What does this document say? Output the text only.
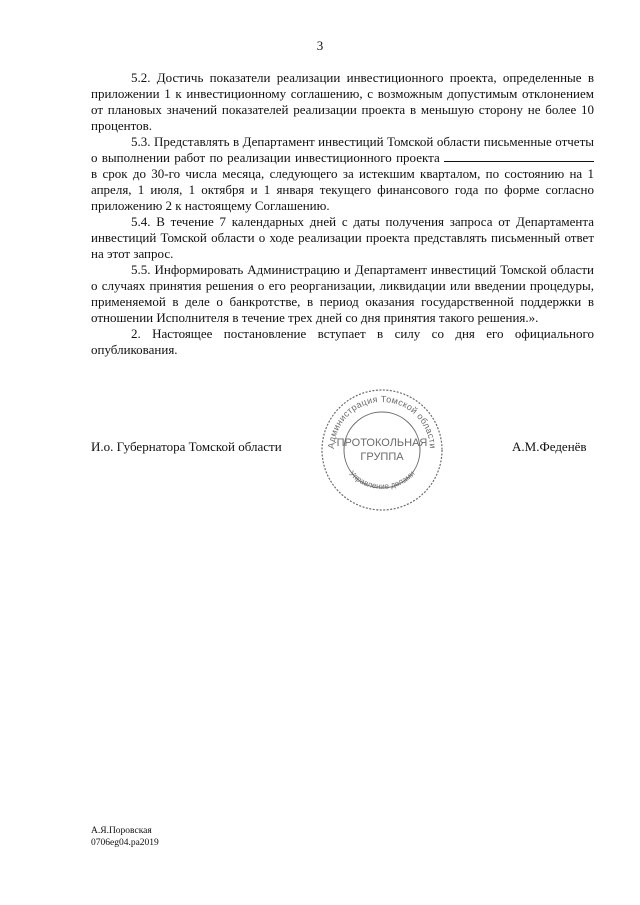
3

5.2. Достичь показатели реализации инвестиционного проекта, определенные в приложении 1 к инвестиционному соглашению, с возможным допустимым отклонением от плановых значений показателей реализации проекта в меньшую сторону не более 10 процентов.

5.3. Представлять в Департамент инвестиций Томской области письменные отчеты о выполнении работ по реализации инвестиционного проекта  в срок до 30-го числа месяца, следующего за истекшим кварталом, по состоянию на 1 апреля, 1 июля, 1 октября и 1 января текущего финансового года по форме согласно приложению 2 к настоящему Соглашению.

5.4. В течение 7 календарных дней с даты получения запроса от Департамента инвестиций Томской области о ходе реализации проекта представлять письменный ответ на этот запрос.

5.5. Информировать Администрацию и Департамент инвестиций Томской области о случаях принятия решения о его реорганизации, ликвидации или введении процедуры, применяемой в деле о банкротстве, в период оказания государственной поддержки в отношении Исполнителя в течение трех дней со дня принятия такого решения.».

2. Настоящее постановление вступает в силу со дня его официального опубликования.

И.о. Губернатора Томской области	А.М.Феденёв
Администрация Томской области
ПРОТОКОЛЬНАЯ
ГРУППА
Управление делами
А.Я.Поровская
0706eg04.pa2019
